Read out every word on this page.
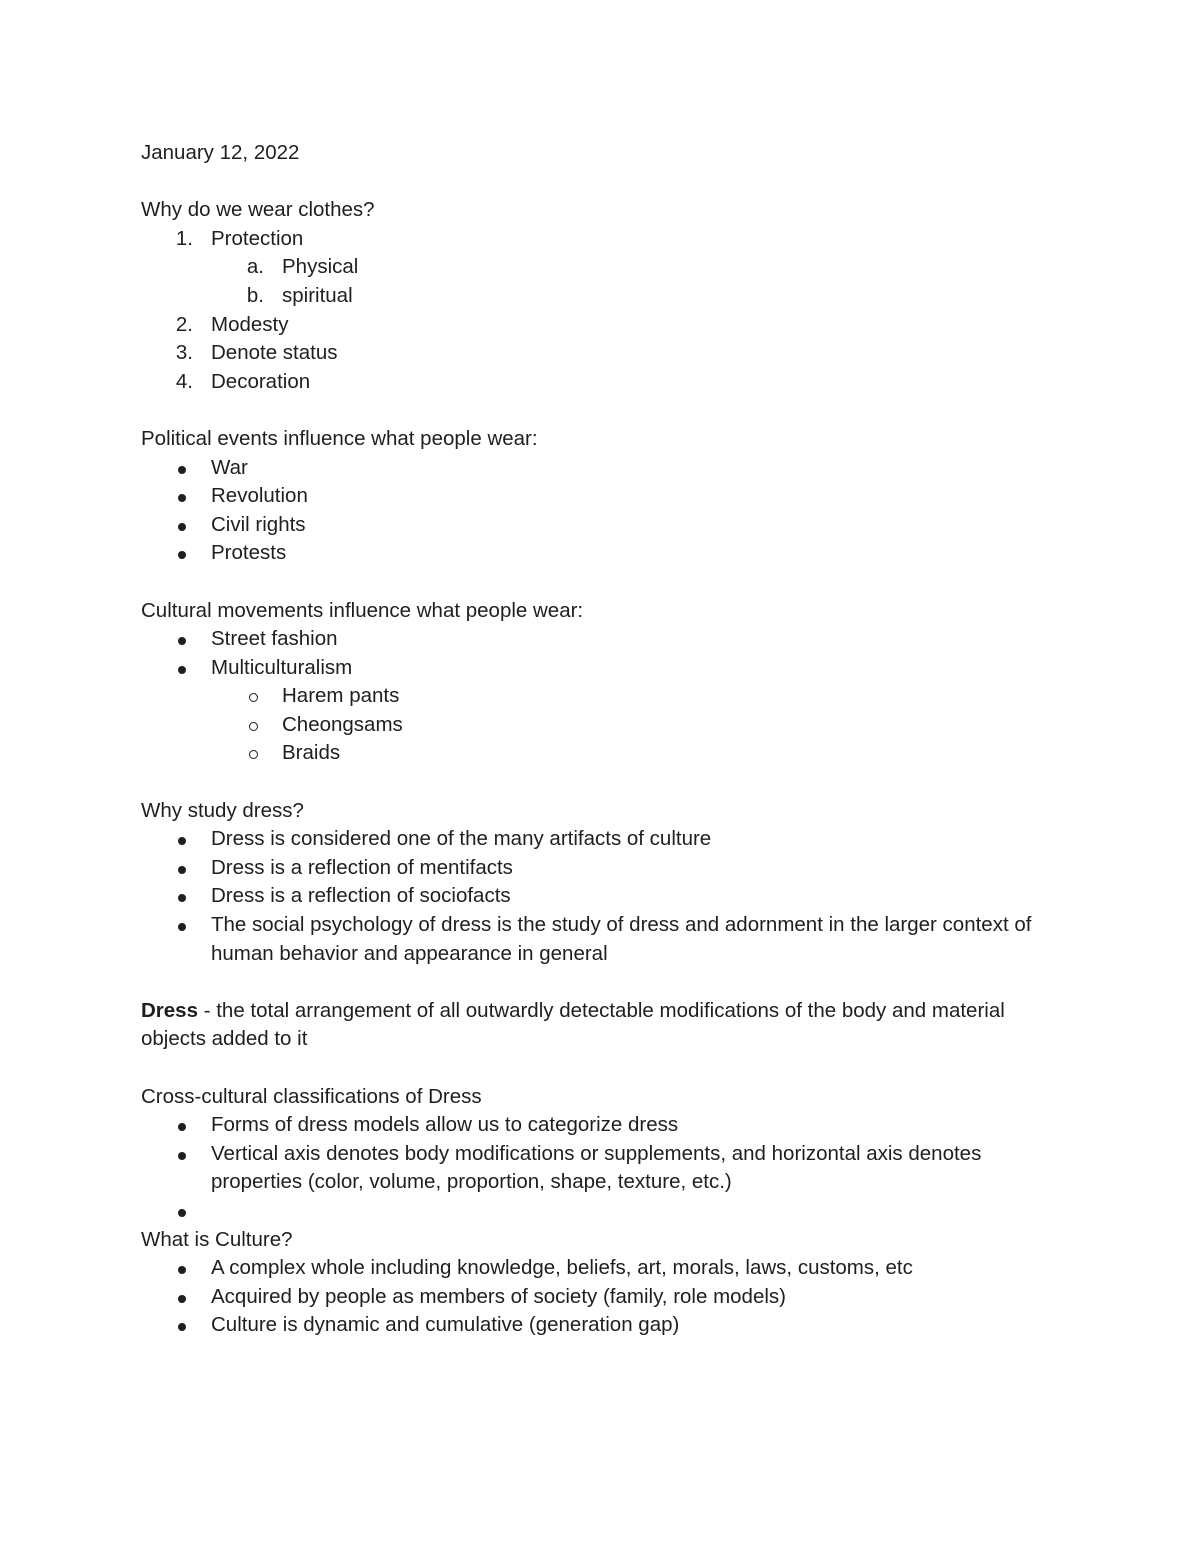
January 12, 2022
Why do we wear clothes?
1. Protection
a. Physical
b. spiritual
2. Modesty
3. Denote status
4. Decoration
Political events influence what people wear:
War
Revolution
Civil rights
Protests
Cultural movements influence what people wear:
Street fashion
Multiculturalism
Harem pants
Cheongsams
Braids
Why study dress?
Dress is considered one of the many artifacts of culture
Dress is a reflection of mentifacts
Dress is a reflection of sociofacts
The social psychology of dress is the study of dress and adornment in the larger context of human behavior and appearance in general
Dress - the total arrangement of all outwardly detectable modifications of the body and material objects added to it
Cross-cultural classifications of Dress
Forms of dress models allow us to categorize dress
Vertical axis denotes body modifications or supplements, and horizontal axis denotes properties (color, volume, proportion, shape, texture, etc.)
What is Culture?
A complex whole including knowledge, beliefs, art, morals, laws, customs, etc
Acquired by people as members of society (family, role models)
Culture is dynamic and cumulative (generation gap)
